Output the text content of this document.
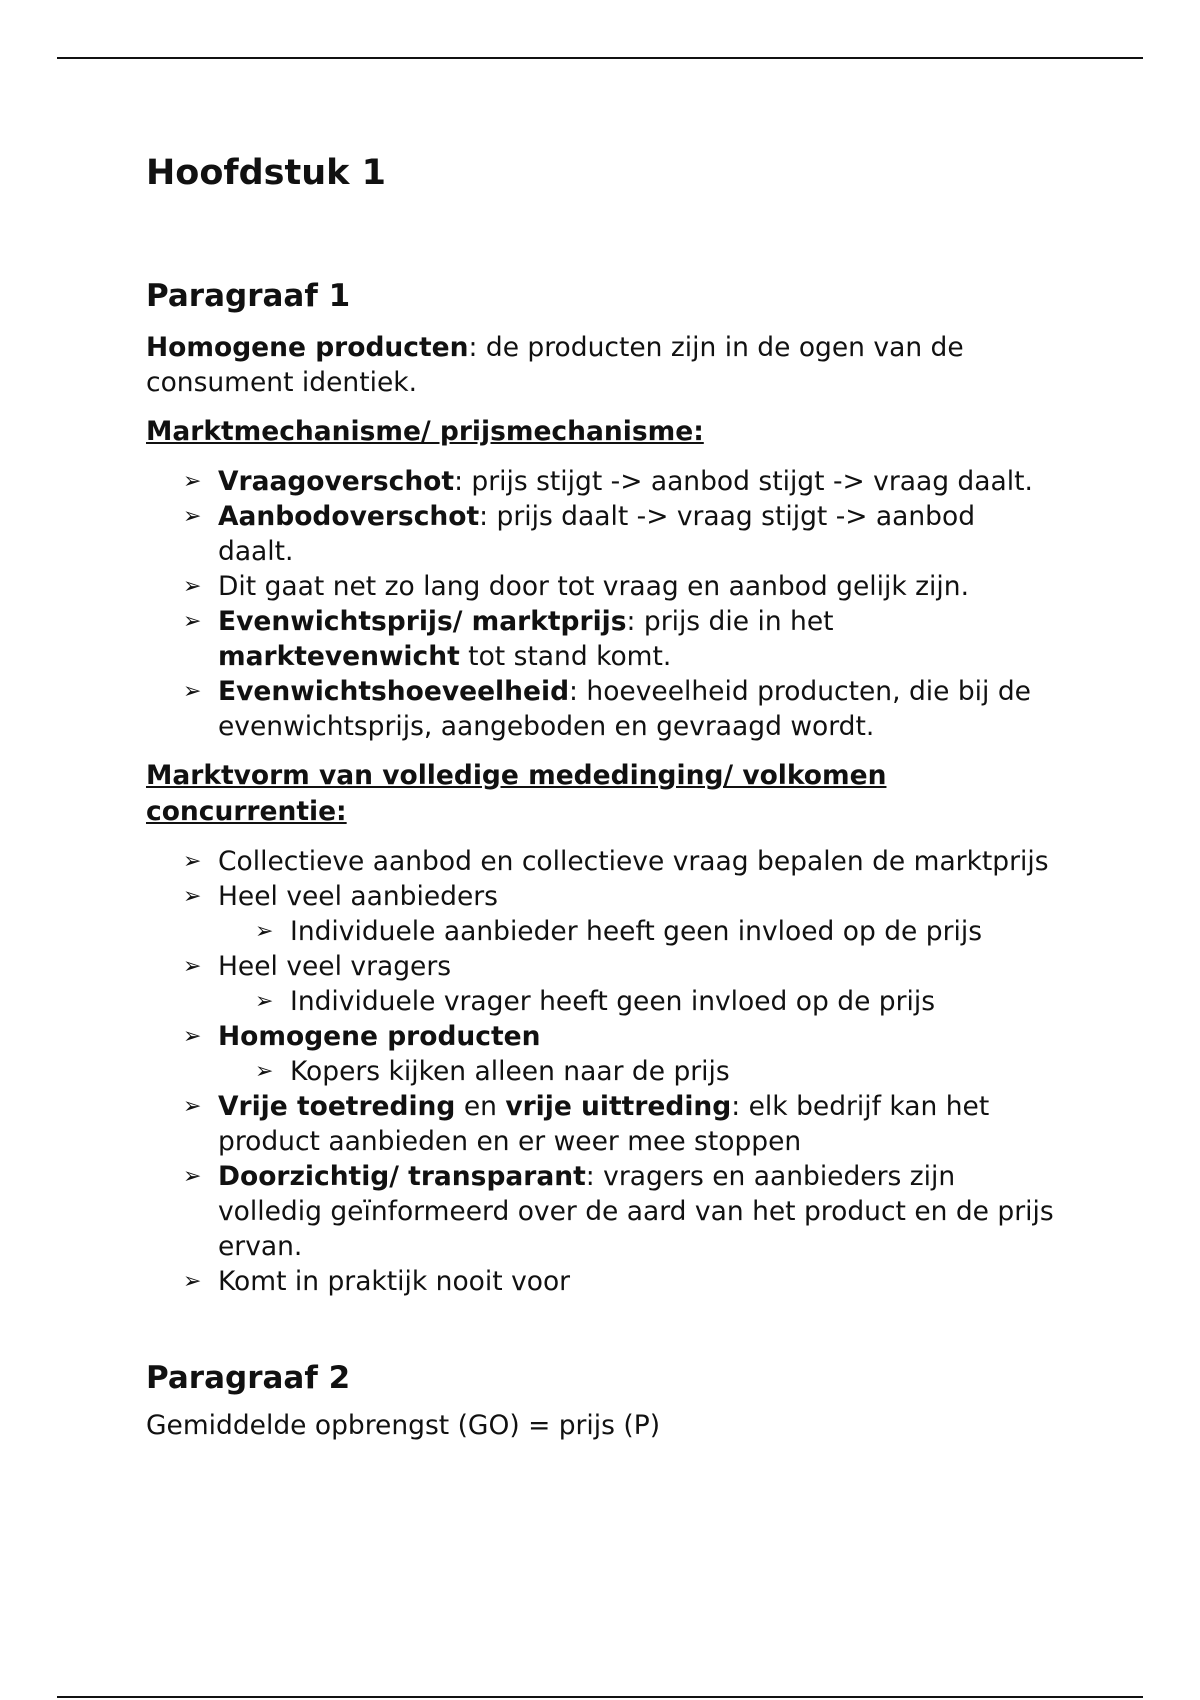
Hoofdstuk 1
Paragraaf 1

Homogene producten: de producten zijn in de ogen van de consument identiek.

Marktmechanisme/ prijsmechanisme:
➢ Vraagoverschot: prijs stijgt -> aanbod stijgt -> vraag daalt.
➢ Aanbodoverschot: prijs daalt -> vraag stijgt -> aanbod daalt.
➢ Dit gaat net zo lang door tot vraag en aanbod gelijk zijn.
➢ Evenwichtsprijs/ marktprijs: prijs die in het marktevenwicht tot stand komt.
➢ Evenwichtshoeveelheid: hoeveelheid producten, die bij de evenwichtsprijs, aangeboden en gevraagd wordt.
Marktvorm van volledige mededinging/ volkomen concurrentie:
➢ Collectieve aanbod en collectieve vraag bepalen de marktprijs
➢ Heel veel aanbieders
➢ Individuele aanbieder heeft geen invloed op de prijs
➢ Heel veel vragers
➢ Individuele vrager heeft geen invloed op de prijs
➢ Homogene producten
➢ Kopers kijken alleen naar de prijs
➢ Vrije toetreding en vrije uittreding: elk bedrijf kan het product aanbieden en er weer mee stoppen
➢ Doorzichtig/ transparant: vragers en aanbieders zijn volledig geïnformeerd over de aard van het product en de prijs ervan.
➢ Komt in praktijk nooit voor
Paragraaf 2

Gemiddelde opbrengst (GO) = prijs (P)
